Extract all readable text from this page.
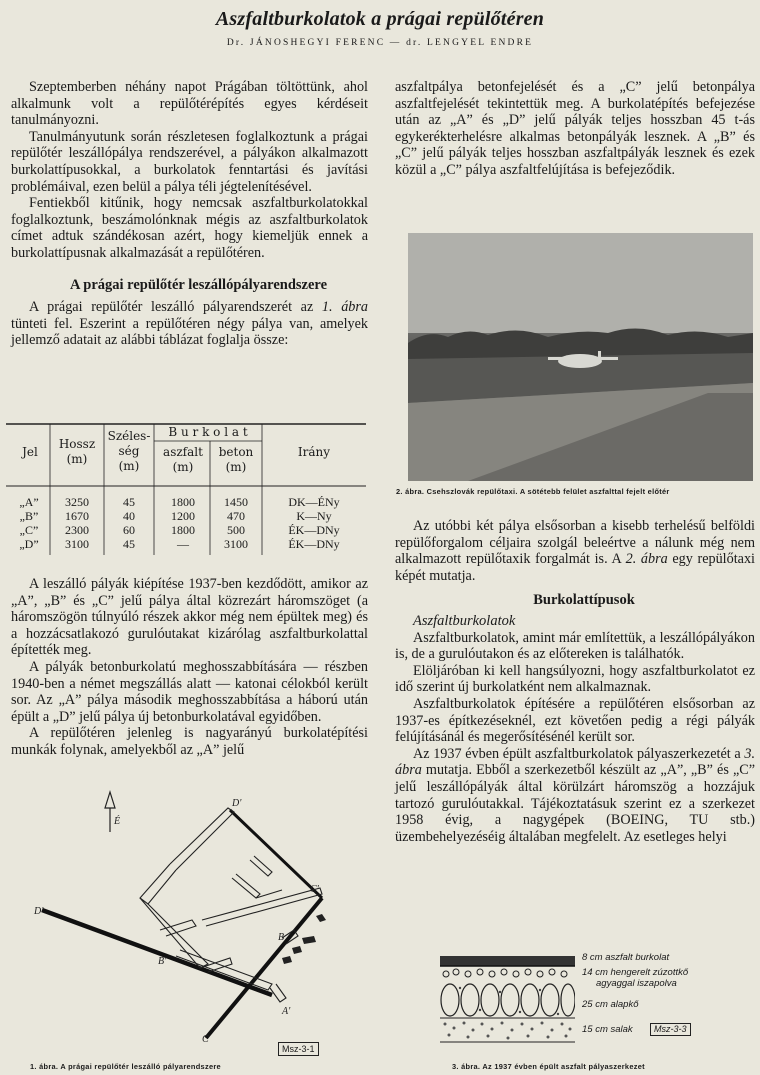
Aszfaltburkolatok a prágai repülőtéren
Dr. JÁNOSHEGYI FERENC — dr. LENGYEL ENDRE

Szeptemberben néhány napot Prágában töltöttünk, ahol alkalmunk volt a repülőtérépítés egyes kérdéseit tanulmányozni.

Tanulmányutunk során részletesen foglalkoztunk a prágai repülőtér leszállópálya rendszerével, a pályákon alkalmazott burkolattípusokkal, a burkolatok fenntartási és javítási problémáival, ezen belül a pálya téli jégtelenítésével.

Fentiekből kitűnik, hogy nemcsak aszfaltburkolatokkal foglalkoztunk, beszámolónknak mégis az aszfaltburkolatok címet adtuk szándékosan azért, hogy kiemeljük ennek a burkolattípusnak alkalmazását a repülőtéren.

A prágai repülőtér leszállópályarendszere

A prágai repülőtér leszálló pályarendszerét az 1. ábra tünteti fel. Eszerint a repülőtéren négy pálya van, amelyek jellemző adatait az alábbi táblázat foglalja össze:

Jel
Hossz
(m)
Széles-
ség
(m)
B u r k o l a t
aszfalt
(m)
beton
(m)
Irány
„A”	3250	45	1800	1450	DK—ÉNy
„B”	1670	40	1200	470	K—Ny
„C”	2300	60	1800	500	ÉK—DNy
„D”	3100	45	—	3100	ÉK—DNy

A leszálló pályák kiépítése 1937-ben kezdődött, amikor az „A”, „B” és „C” jelű pálya által közrezárt háromszöget (a háromszögön túlnyúló részek akkor még nem épültek meg) és a hozzácsatlakozó gurulóutakat kizárólag aszfaltburkolattal építették meg.

A pályák betonburkolatú meghosszabbítására — részben 1940-ben a német megszállás alatt — katonai célokból került sor. Az „A” pálya második meghosszabbítása a háború után épült a „D” jelű pálya új betonburkolatával egyidőben.

A repülőtéren jelenleg is nagyarányú burkolatépítési munkák folynak, amelyekből az „A” jelű

É
D'
D'
C'
B'
B
A'
C
Msz-3-1
1. ábra. A prágai repülőtér leszálló pályarendszere

aszfaltpálya betonfejelését és a „C” jelű betonpálya aszfaltfejelését tekintettük meg. A burkolatépítés befejezése után az „A” és „D” jelű pályák teljes hosszban 45 t-ás egykerékterhelésre alkalmas betonpályák lesznek. A „B” és „C” jelű pályák teljes hosszban aszfaltpályák lesznek és ezek közül a „C” pálya aszfaltfelújítása is befejeződik.

2. ábra. Csehszlovák repülőtaxi. A sötétebb felület aszfalttal fejelt előtér

Az utóbbi két pálya elsősorban a kisebb terhelésű belföldi repülőforgalom céljaira szolgál beleértve a nálunk még nem alkalmazott repülőtaxik forgalmát is. A 2. ábra egy repülőtaxi képét mutatja.

Burkolattípusok

Aszfaltburkolatok

Aszfaltburkolatok, amint már említettük, a leszállópályákon is, de a gurulóutakon és az előtereken is találhatók.

Elöljáróban ki kell hangsúlyozni, hogy aszfaltburkolatot ez idő szerint új burkolatként nem alkalmaznak.

Aszfaltburkolatok építésére a repülőtéren elsősorban az 1937-es építkezéseknél, ezt követően pedig a régi pályák felújításánál és megerősítésénél került sor.

Az 1937 évben épült aszfaltburkolatok pályaszerkezetét a 3. ábra mutatja. Ebből a szerkezetből készült az „A”, „B” és „C” jelű leszállópályák által körülzárt háromszög a hozzájuk tartozó gurulóutakkal. Tájékoztatásuk szerint ez a szerkezet 1958 évig, a nagygépek (BOEING, TU stb.) üzembehelyezéséig általában megfelelt. Az esetleges helyi

8 cm aszfalt burkolat
14 cm hengerelt zúzottkő
agyaggal iszapolva
25 cm alapkő
15 cm salak	Msz-3-3
3. ábra. Az 1937 évben épült aszfalt pályaszerkezet
